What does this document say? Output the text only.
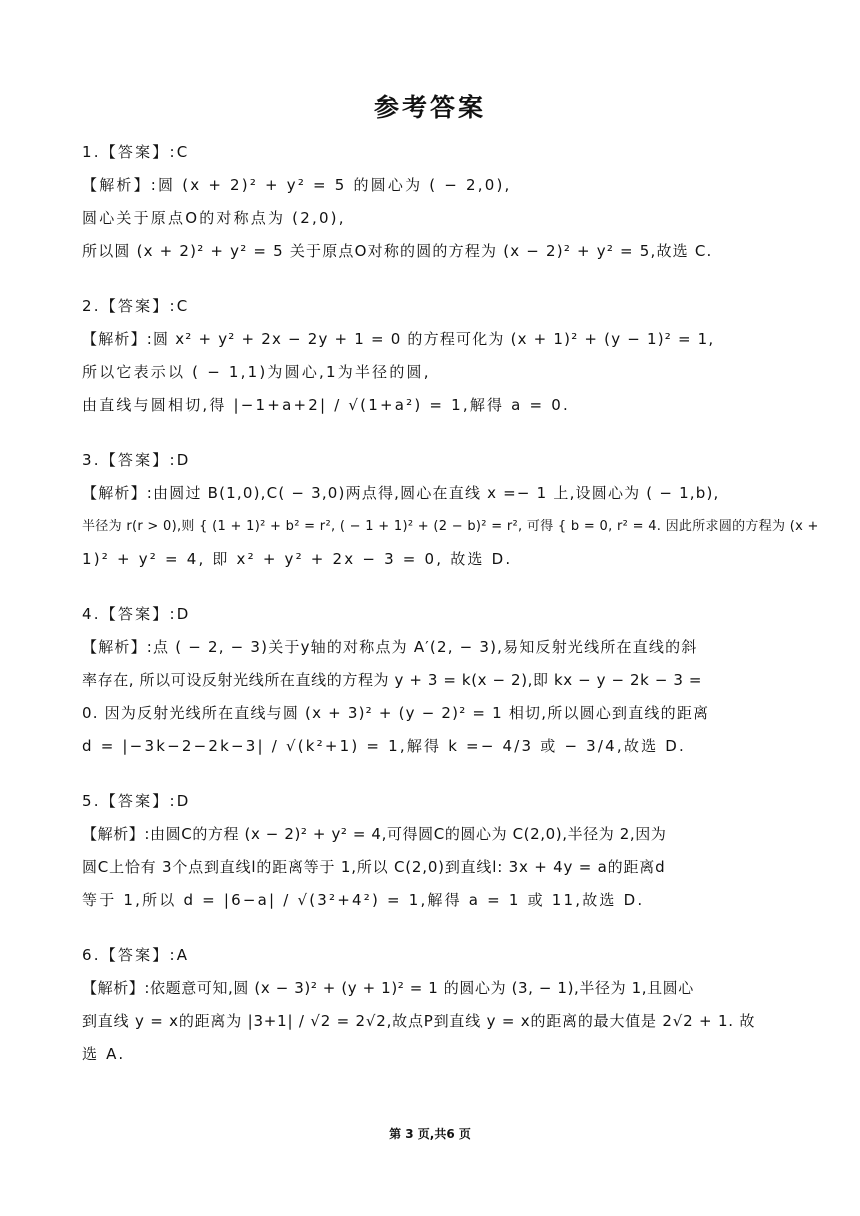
参考答案
1.【答案】:C
【解析】:圆 (x + 2)² + y² = 5 的圆心为 ( − 2,0),
圆心关于原点O的对称点为 (2,0),
所以圆 (x + 2)² + y² = 5 关于原点O对称的圆的方程为 (x − 2)² + y² = 5,故选 C.
2.【答案】:C
【解析】:圆 x² + y² + 2x − 2y + 1 = 0 的方程可化为 (x + 1)² + (y − 1)² = 1,
所以它表示以 ( − 1,1)为圆心,1为半径的圆,
由直线与圆相切,得 |−1+a+2| / √(1+a²) = 1,解得 a = 0.
3.【答案】:D
【解析】:由圆过 B(1,0),C( − 3,0)两点得,圆心在直线 x =− 1 上,设圆心为 ( − 1,b),
半径为 r(r > 0),则 { (1 + 1)² + b² = r², ( − 1 + 1)² + (2 − b)² = r², 可得 { b = 0, r² = 4. 因此所求圆的方程为 (x +
1)² + y² = 4, 即 x² + y² + 2x − 3 = 0, 故选 D.
4.【答案】:D
【解析】:点 ( − 2, − 3)关于y轴的对称点为 A′(2, − 3),易知反射光线所在直线的斜
率存在, 所以可设反射光线所在直线的方程为 y + 3 = k(x − 2),即 kx − y − 2k − 3 =
0. 因为反射光线所在直线与圆 (x + 3)² + (y − 2)² = 1 相切,所以圆心到直线的距离
d = |−3k−2−2k−3| / √(k²+1) = 1,解得 k =− 4/3 或 − 3/4,故选 D.
5.【答案】:D
【解析】:由圆C的方程 (x − 2)² + y² = 4,可得圆C的圆心为 C(2,0),半径为 2,因为
圆C上恰有 3个点到直线l的距离等于 1,所以 C(2,0)到直线l: 3x + 4y = a的距离d
等于 1,所以 d = |6−a| / √(3²+4²) = 1,解得 a = 1 或 11,故选 D.
6.【答案】:A
【解析】:依题意可知,圆 (x − 3)² + (y + 1)² = 1 的圆心为 (3, − 1),半径为 1,且圆心
到直线 y = x的距离为 |3+1| / √2 = 2√2,故点P到直线 y = x的距离的最大值是 2√2 + 1. 故
选 A.
第 3 页,共6 页
